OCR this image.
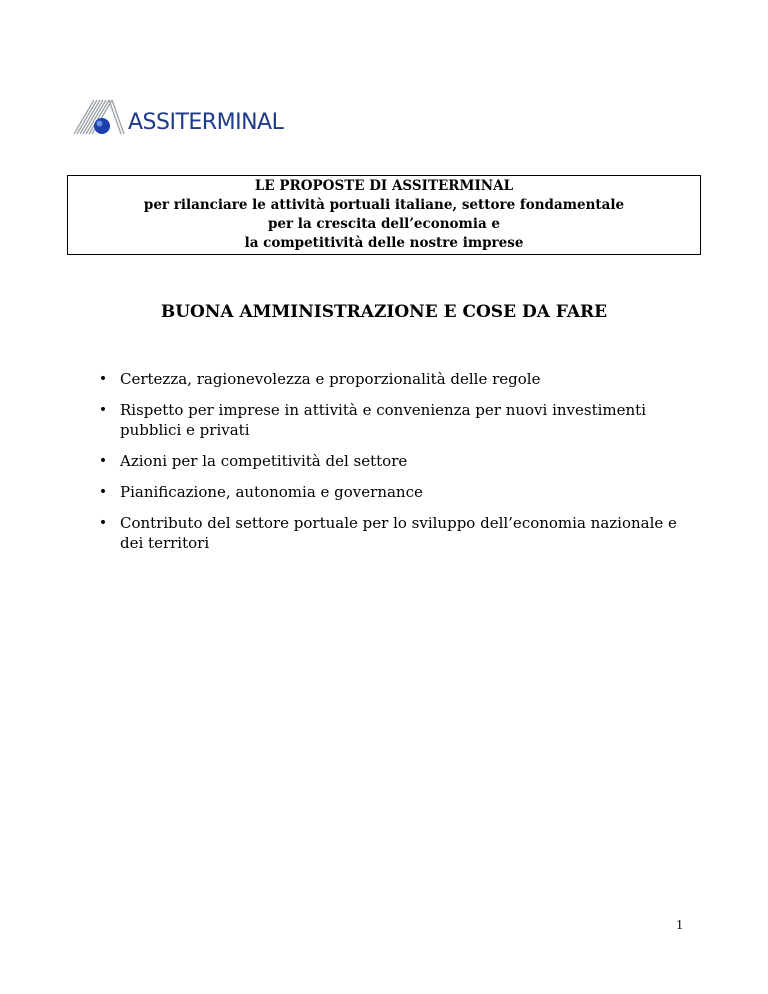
ASSITERMINAL
LE PROPOSTE DI ASSITERMINAL
per rilanciare le attività portuali italiane, settore fondamentale
per la crescita dell’economia e
la competitività delle nostre imprese
BUONA AMMINISTRAZIONE E COSE DA FARE
• Certezza, ragionevolezza e proporzionalità delle regole
• Rispetto per imprese in attività e convenienza per nuovi investimenti pubblici e privati
• Azioni per la competitività del settore
• Pianificazione, autonomia e governance
• Contributo del settore portuale per lo sviluppo dell’economia nazionale e dei territori
1
